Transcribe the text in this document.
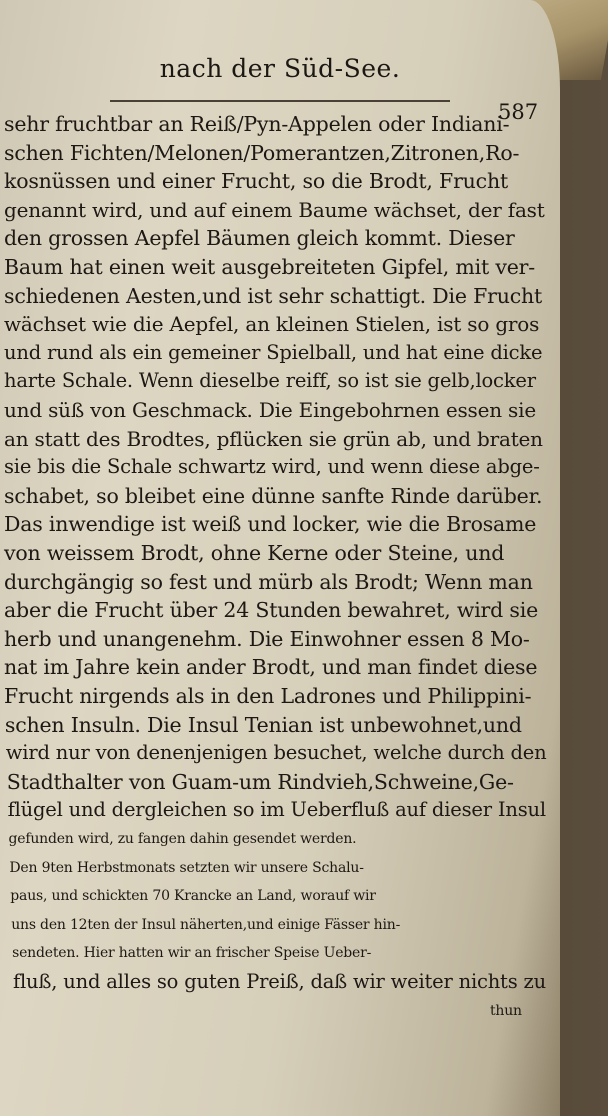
nach der Süd-See.
587
sehr fruchtbar an Reiß/Pyn-Appelen oder Indiani-
schen Fichten/Melonen/Pomerantzen,Zitronen,Ro-
kosnüssen und einer Frucht, so die Brodt, Frucht
genannt wird, und auf einem Baume wächset, der fast
den grossen Aepfel Bäumen gleich kommt. Dieser
Baum hat einen weit ausgebreiteten Gipfel, mit ver-
schiedenen Aesten,und ist sehr schattigt. Die Frucht
wächset wie die Aepfel, an kleinen Stielen, ist so gros
und rund als ein gemeiner Spielball, und hat eine dicke
harte Schale. Wenn dieselbe reiff, so ist sie gelb,locker
und süß von Geschmack. Die Eingebohrnen essen sie
an statt des Brodtes, pflücken sie grün ab, und braten
sie bis die Schale schwartz wird, und wenn diese abge-
schabet, so bleibet eine dünne sanfte Rinde darüber.
Das inwendige ist weiß und locker, wie die Brosame
von weissem Brodt, ohne Kerne oder Steine, und
durchgängig so fest und mürb als Brodt; Wenn man
aber die Frucht über 24 Stunden bewahret, wird sie
herb und unangenehm. Die Einwohner essen 8 Mo-
nat im Jahre kein ander Brodt, und man findet diese
Frucht nirgends als in den Ladrones und Philippini-
schen Insuln. Die Insul Tenian ist unbewohnet,und
wird nur von denenjenigen besuchet, welche durch den
Stadthalter von Guam-um Rindvieh,Schweine,Ge-
flügel und dergleichen so im Ueberfluß auf dieser Insul
gefunden wird, zu fangen dahin gesendet werden.
Den 9ten Herbstmonats setzten wir unsere Schalu-
paus, und schickten 70 Krancke an Land, worauf wir
uns den 12ten der Insul näherten,und einige Fässer hin-
sendeten. Hier hatten wir an frischer Speise Ueber-
fluß, und alles so guten Preiß, daß wir weiter nichts zu
thun
